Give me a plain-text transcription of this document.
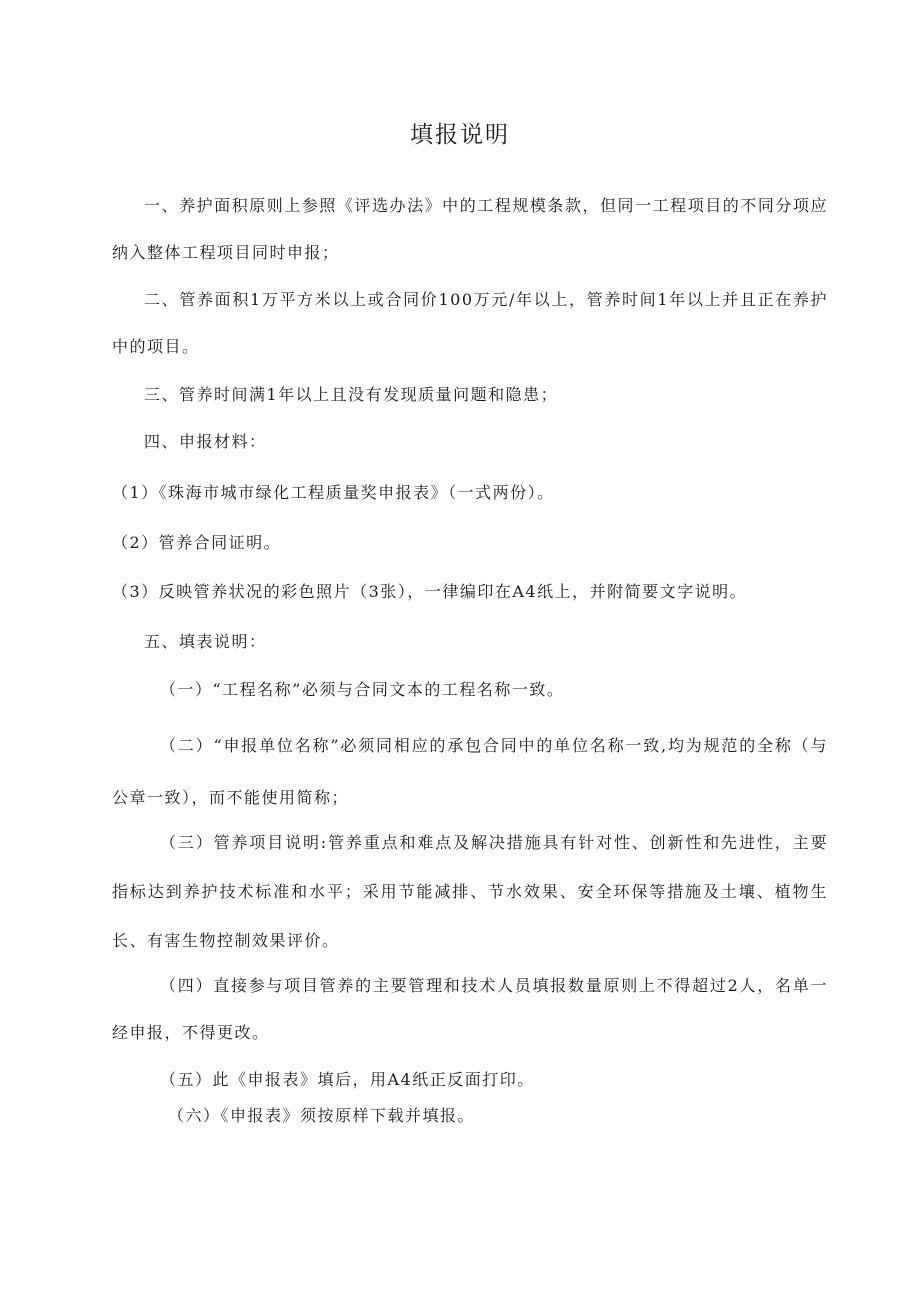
填报说明

一、养护面积原则上参照《评选办法》中的工程规模条款，但同一工程项目的不同分项应纳入整体工程项目同时申报；

二、管养面积1万平方米以上或合同价100万元/年以上，管养时间1年以上并且正在养护中的项目。

三、管养时间满1年以上且没有发现质量问题和隐患；

四、申报材料：

（1）《珠海市城市绿化工程质量奖申报表》（一式两份）。

（2）管养合同证明。

（3）反映管养状况的彩色照片（3张），一律编印在A4纸上，并附简要文字说明。

五、填表说明：

（一）“工程名称”必须与合同文本的工程名称一致。

（二）“申报单位名称”必须同相应的承包合同中的单位名称一致,均为规范的全称（与公章一致），而不能使用简称；

（三）管养项目说明:管养重点和难点及解决措施具有针对性、创新性和先进性，主要指标达到养护技术标准和水平；采用节能减排、节水效果、安全环保等措施及土壤、植物生长、有害生物控制效果评价。

（四）直接参与项目管养的主要管理和技术人员填报数量原则上不得超过2人，名单一经申报，不得更改。

（五）此《申报表》填后，用A4纸正反面打印。

（六）《申报表》须按原样下载并填报。
